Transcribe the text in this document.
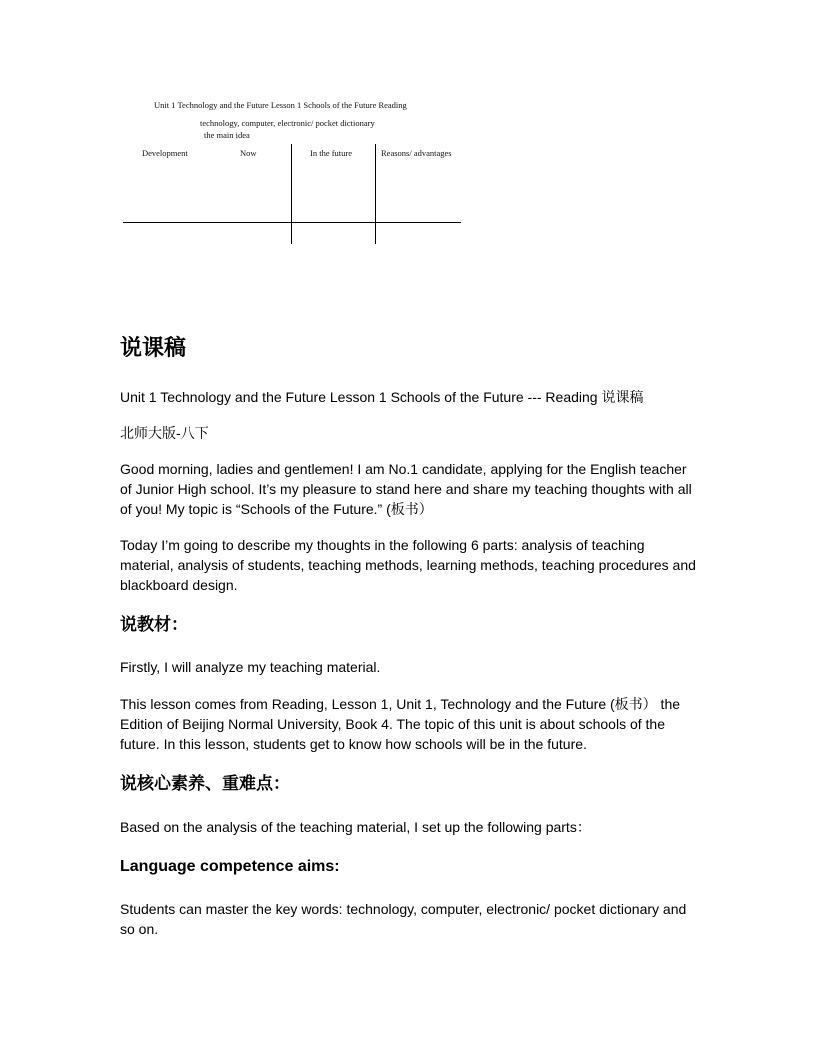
Unit 1 Technology and the Future Lesson 1 Schools of the Future Reading
technology, computer, electronic/ pocket dictionary
the main idea
Development	Now	In the future	Reasons/ advantages
说课稿

Unit 1 Technology and the Future Lesson 1 Schools of the Future --- Reading 说课稿

北师大版-八下

Good morning, ladies and gentlemen! I am No.1 candidate, applying for the English teacher of Junior High school. It’s my pleasure to stand here and share my teaching thoughts with all of you! My topic is “Schools of the Future.” (板书）

Today I’m going to describe my thoughts in the following 6 parts: analysis of teaching material, analysis of students, teaching methods, learning methods, teaching procedures and blackboard design.

说教材：

Firstly, I will analyze my teaching material.

This lesson comes from Reading, Lesson 1, Unit 1, Technology and the Future (板书） the Edition of Beijing Normal University, Book 4. The topic of this unit is about schools of the future. In this lesson, students get to know how schools will be in the future.

说核心素养、重难点：

Based on the analysis of the teaching material, I set up the following parts：

Language competence aims:

Students can master the key words: technology, computer, electronic/ pocket dictionary and so on.
